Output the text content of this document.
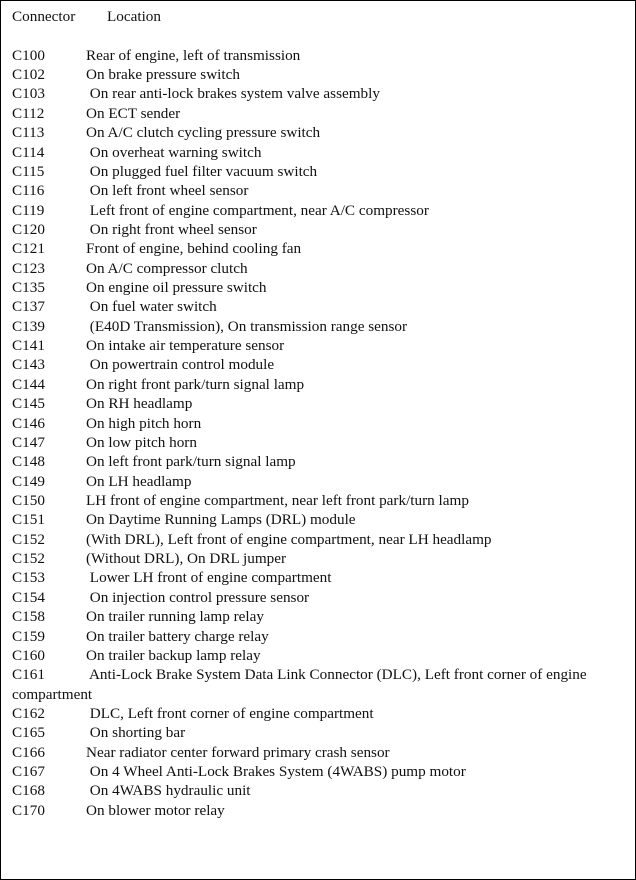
Connector Location
C100	Rear of engine, left of transmission
C102	On brake pressure switch
C103	On rear anti-lock brakes system valve assembly
C112	On ECT sender
C113	On A/C clutch cycling pressure switch
C114	On overheat warning switch
C115	On plugged fuel filter vacuum switch
C116	On left front wheel sensor
C119	Left front of engine compartment, near A/C compressor
C120	On right front wheel sensor
C121	Front of engine, behind cooling fan
C123	On A/C compressor clutch
C135	On engine oil pressure switch
C137	On fuel water switch
C139	(E40D Transmission), On transmission range sensor
C141	On intake air temperature sensor
C143	On powertrain control module
C144	On right front park/turn signal lamp
C145	On RH headlamp
C146	On high pitch horn
C147	On low pitch horn
C148	On left front park/turn signal lamp
C149	On LH headlamp
C150	LH front of engine compartment, near left front park/turn lamp
C151	On Daytime Running Lamps (DRL) module
C152	(With DRL), Left front of engine compartment, near LH headlamp
C152	(Without DRL), On DRL jumper
C153	Lower LH front of engine compartment
C154	On injection control pressure sensor
C158	On trailer running lamp relay
C159	On trailer battery charge relay
C160	On trailer backup lamp relay
C161	Anti-Lock Brake System Data Link Connector (DLC), Left front corner of engine compartment
C162	DLC, Left front corner of engine compartment
C165	On shorting bar
C166	Near radiator center forward primary crash sensor
C167	On 4 Wheel Anti-Lock Brakes System (4WABS) pump motor
C168	On 4WABS hydraulic unit
C170	On blower motor relay
